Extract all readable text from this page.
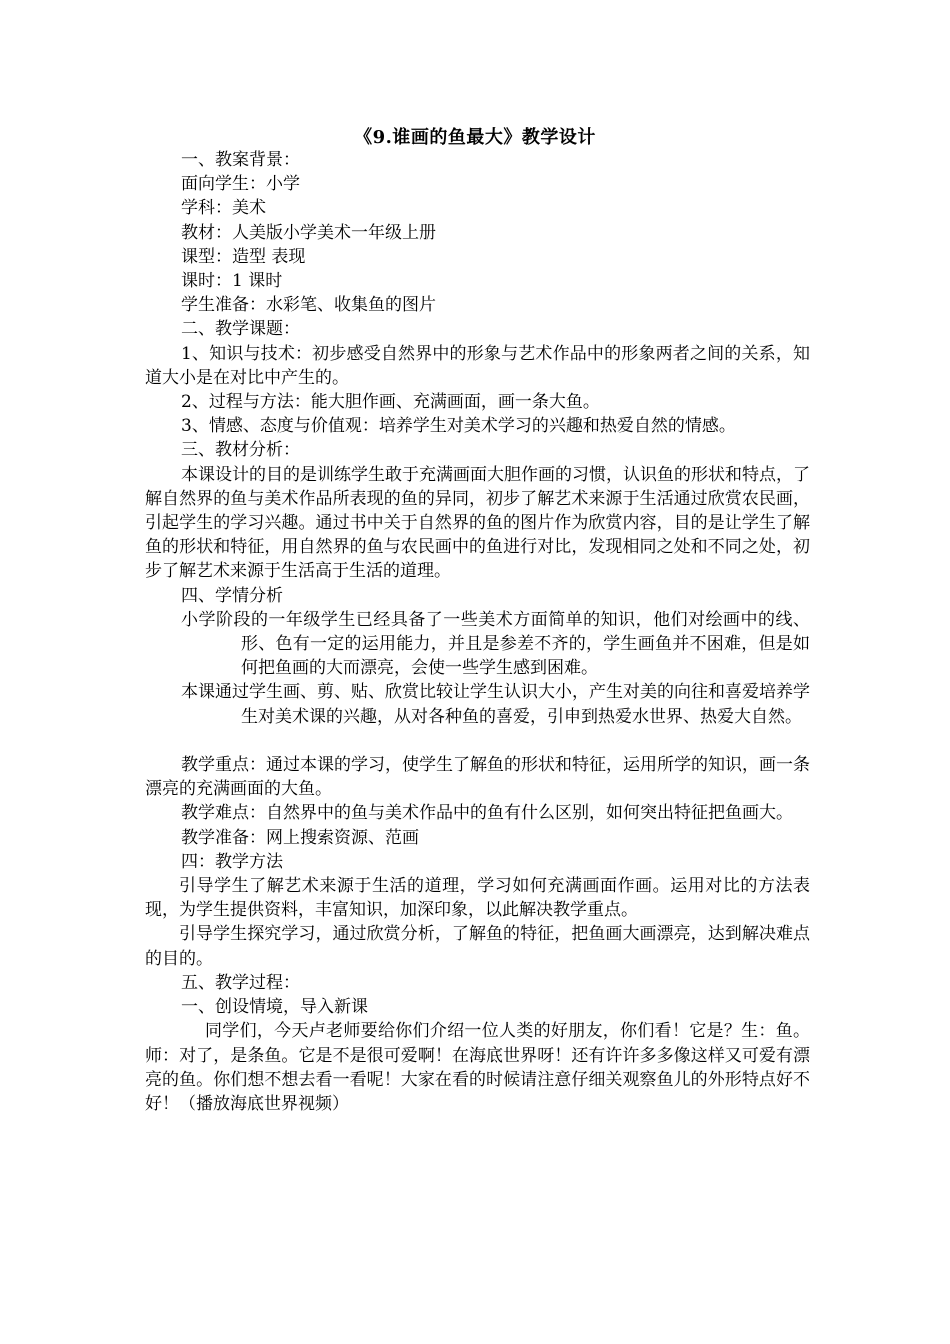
《9.谁画的鱼最大》教学设计

一、教案背景：

面向学生：小学

学科：美术

教材：人美版小学美术一年级上册

课型：造型 表现

课时：1 课时

学生准备：水彩笔、收集鱼的图片

二、教学课题：

1、知识与技术：初步感受自然界中的形象与艺术作品中的形象两者之间的关系，知道大小是在对比中产生的。

2、过程与方法：能大胆作画、充满画面，画一条大鱼。

3、情感、态度与价值观：培养学生对美术学习的兴趣和热爱自然的情感。

三、教材分析：

本课设计的目的是训练学生敢于充满画面大胆作画的习惯，认识鱼的形状和特点，了解自然界的鱼与美术作品所表现的鱼的异同，初步了解艺术来源于生活通过欣赏农民画，引起学生的学习兴趣。通过书中关于自然界的鱼的图片作为欣赏内容，目的是让学生了解鱼的形状和特征，用自然界的鱼与农民画中的鱼进行对比，发现相同之处和不同之处，初步了解艺术来源于生活高于生活的道理。

四、学情分析

小学阶段的一年级学生已经具备了一些美术方面简单的知识，他们对绘画中的线、形、色有一定的运用能力，并且是参差不齐的，学生画鱼并不困难，但是如何把鱼画的大而漂亮，会使一些学生感到困难。

本课通过学生画、剪、贴、欣赏比较让学生认识大小，产生对美的向往和喜爱培养学生对美术课的兴趣，从对各种鱼的喜爱，引申到热爱水世界、热爱大自然。

教学重点：通过本课的学习，使学生了解鱼的形状和特征，运用所学的知识，画一条漂亮的充满画面的大鱼。

教学难点：自然界中的鱼与美术作品中的鱼有什么区别，如何突出特征把鱼画大。

教学准备：网上搜索资源、范画

四：教学方法

引导学生了解艺术来源于生活的道理，学习如何充满画面作画。运用对比的方法表现，为学生提供资料，丰富知识，加深印象，以此解决教学重点。

引导学生探究学习，通过欣赏分析，了解鱼的特征，把鱼画大画漂亮，达到解决难点的目的。

五、教学过程：

一、创设情境，导入新课

同学们，今天卢老师要给你们介绍一位人类的好朋友，你们看！它是？生：鱼。师：对了，是条鱼。它是不是很可爱啊！在海底世界呀！还有许许多多像这样又可爱有漂亮的鱼。你们想不想去看一看呢！大家在看的时候请注意仔细关观察鱼儿的外形特点好不好！（播放海底世界视频）
